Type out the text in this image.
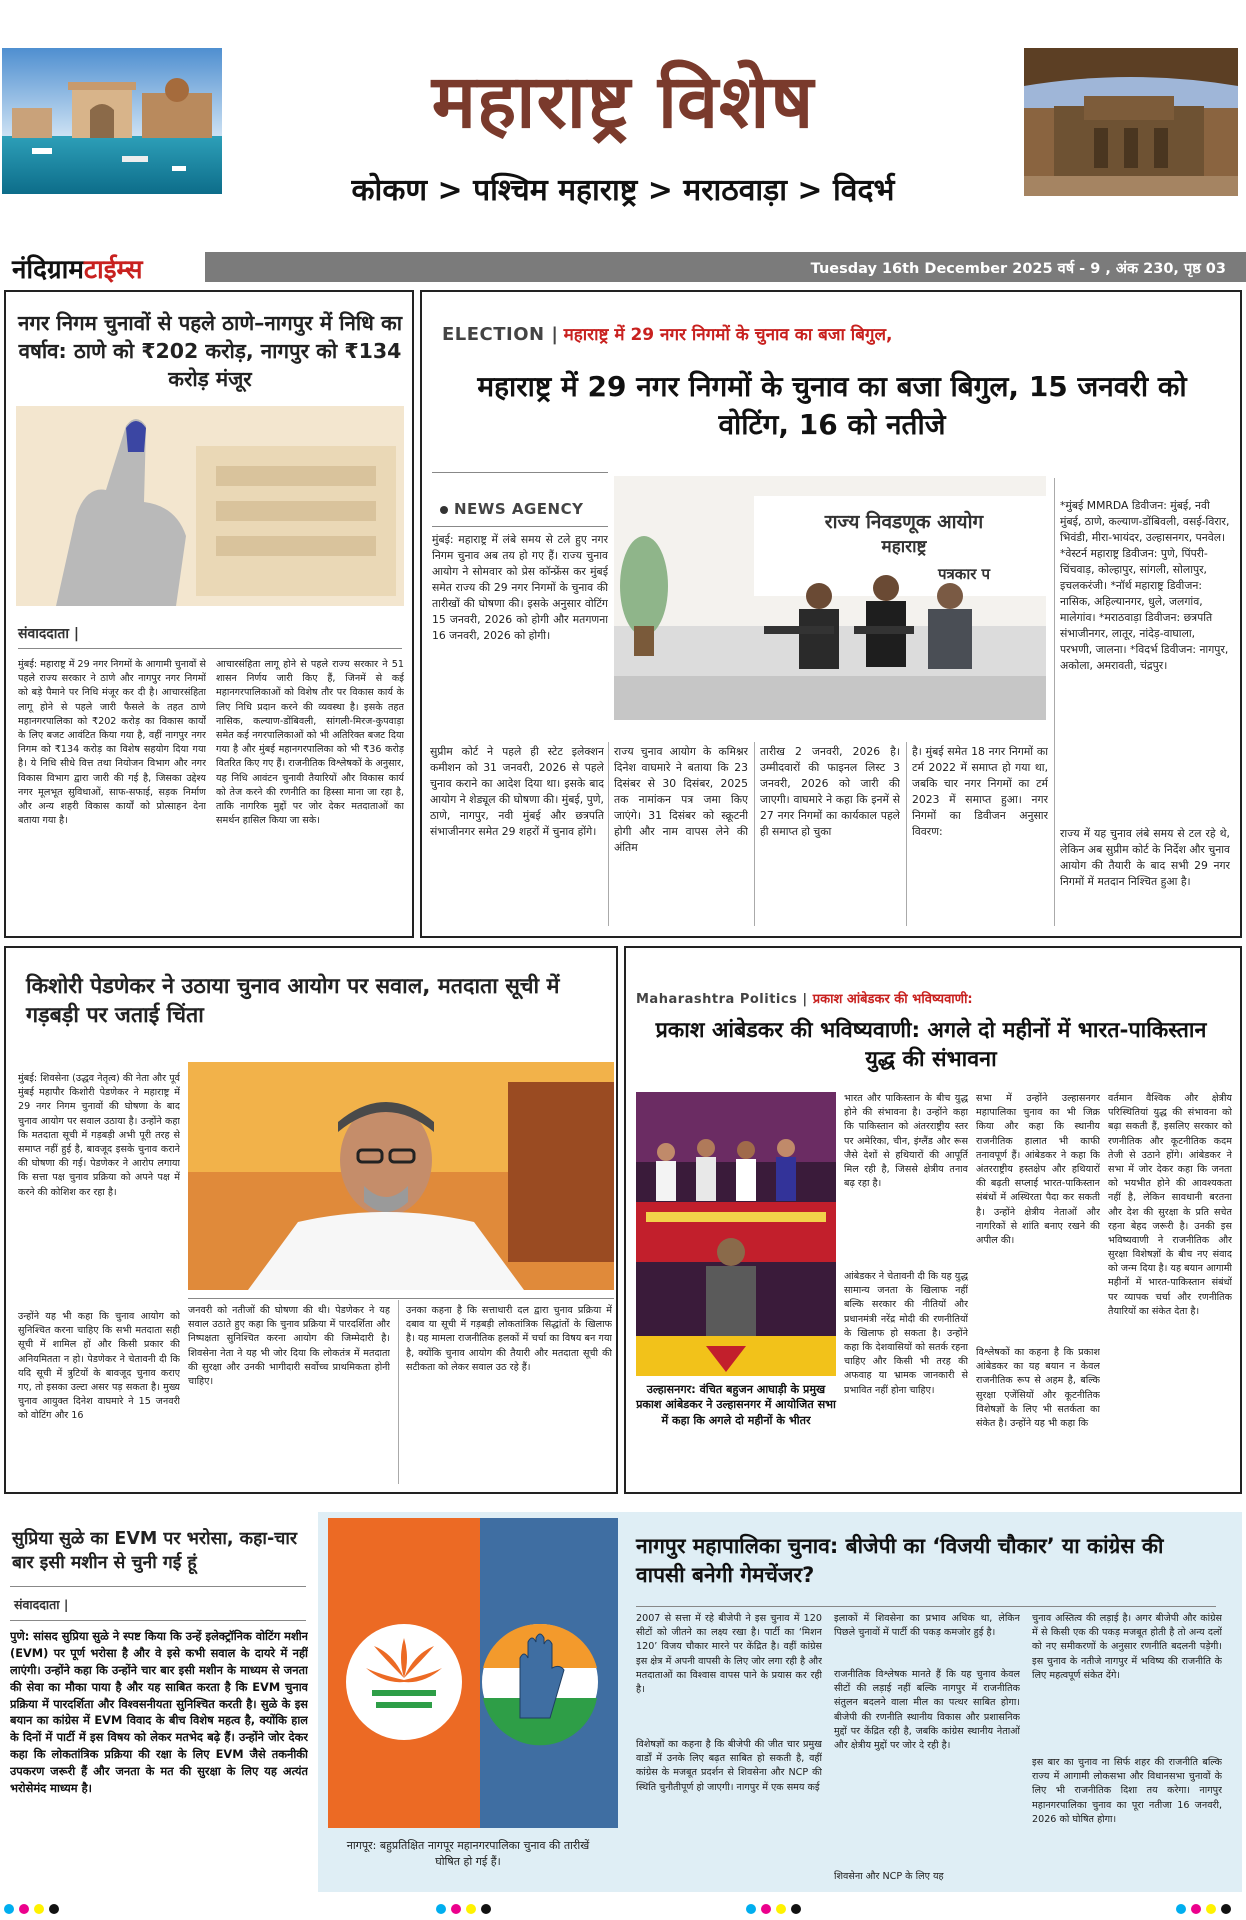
महाराष्ट्र विशेष
कोकण > पश्चिम महाराष्ट्र > मराठवाड़ा > विदर्भ
नंदिग्रामटाईम्स	Tuesday 16th December 2025 वर्ष - 9 , अंक 230, पृष्ठ 03
नगर निगम चुनावों से पहले ठाणे–नागपुर में निधि का वर्षाव: ठाणे को ₹202 करोड़, नागपुर को ₹134 करोड़ मंजूर
संवाददाता |
मुंबई: महाराष्ट्र में 29 नगर निगमों के आगामी चुनावों से पहले राज्य सरकार ने ठाणे और नागपुर नगर निगमों को बड़े पैमाने पर निधि मंजूर कर दी है। आचारसंहिता लागू होने से पहले जारी फैसले के तहत ठाणे महानगरपालिका को ₹202 करोड़ का विकास कार्यों के लिए बजट आवंटित किया गया है, वहीं नागपुर नगर निगम को ₹134 करोड़ का विशेष सहयोग दिया गया है। ये निधि सीधे वित्त तथा नियोजन विभाग और नगर विकास विभाग द्वारा जारी की गई है, जिसका उद्देश्य नगर मूलभूत सुविधाओं, साफ-सफाई, सड़क निर्माण और अन्य शहरी विकास कार्यों को प्रोत्साहन देना बताया गया है।
आचारसंहिता लागू होने से पहले राज्य सरकार ने 51 शासन निर्णय जारी किए हैं, जिनमें से कई महानगरपालिकाओं को विशेष तौर पर विकास कार्य के लिए निधि प्रदान करने की व्यवस्था है। इसके तहत नासिक, कल्याण-डोंबिवली, सांगली-मिरज-कुपवाड़ा समेत कई नगरपालिकाओं को भी अतिरिक्त बजट दिया गया है और मुंबई महानगरपालिका को भी ₹36 करोड़ वितरित किए गए हैं। राजनीतिक विश्लेषकों के अनुसार, यह निधि आवंटन चुनावी तैयारियों और विकास कार्य को तेज करने की रणनीति का हिस्सा माना जा रहा है, ताकि नागरिक मुद्दों पर जोर देकर मतदाताओं का समर्थन हासिल किया जा सके।
ELECTION | महाराष्ट्र में 29 नगर निगमों के चुनाव का बजा बिगुल,
महाराष्ट्र में 29 नगर निगमों के चुनाव का बजा बिगुल, 15 जनवरी को वोटिंग, 16 को नतीजे
NEWS AGENCY
मुंबई: महाराष्ट्र में लंबे समय से टले हुए नगर निगम चुनाव अब तय हो गए हैं। राज्य चुनाव आयोग ने सोमवार को प्रेस कॉन्फ्रेंस कर मुंबई समेत राज्य की 29 नगर निगमों के चुनाव की तारीखों की घोषणा की। इसके अनुसार वोटिंग 15 जनवरी, 2026 को होगी और मतगणना 16 जनवरी, 2026 को होगी।
राज्य निवडणूक आयोग
महाराष्ट्र
पत्रकार प
सुप्रीम कोर्ट ने पहले ही स्टेट इलेक्शन कमीशन को 31 जनवरी, 2026 से पहले चुनाव कराने का आदेश दिया था। इसके बाद आयोग ने शेड्यूल की घोषणा की। मुंबई, पुणे, ठाणे, नागपुर, नवी मुंबई और छत्रपति संभाजीनगर समेत 29 शहरों में चुनाव होंगे।
राज्य चुनाव आयोग के कमिश्नर दिनेश वाघमारे ने बताया कि 23 दिसंबर से 30 दिसंबर, 2025 तक नामांकन पत्र जमा किए जाएंगे। 31 दिसंबर को स्क्रूटनी होगी और नाम वापस लेने की अंतिम
तारीख 2 जनवरी, 2026 है। उम्मीदवारों की फाइनल लिस्ट 3 जनवरी, 2026 को जारी की जाएगी। वाघमारे ने कहा कि इनमें से 27 नगर निगमों का कार्यकाल पहले ही समाप्त हो चुका
है। मुंबई समेत 18 नगर निगमों का टर्म 2022 में समाप्त हो गया था, जबकि चार नगर निगमों का टर्म 2023 में समाप्त हुआ। नगर निगमों का डिवीजन अनुसार विवरण:
*मुंबई MMRDA डिवीजन: मुंबई, नवी मुंबई, ठाणे, कल्याण-डोंबिवली, वसई-विरार, भिवंडी, मीरा-भायंदर, उल्हासनगर, पनवेल। *वेस्टर्न महाराष्ट्र डिवीजन: पुणे, पिंपरी-चिंचवाड़, कोल्हापुर, सांगली, सोलापुर, इचलकरंजी। *नॉर्थ महाराष्ट्र डिवीजन: नासिक, अहिल्यानगर, धुले, जलगांव, मालेगांव। *मराठवाड़ा डिवीजन: छत्रपति संभाजीनगर, लातूर, नांदेड़-वाघाला, परभणी, जालना। *विदर्भ डिवीजन: नागपुर, अकोला, अमरावती, चंद्रपुर।
राज्य में यह चुनाव लंबे समय से टल रहे थे, लेकिन अब सुप्रीम कोर्ट के निर्देश और चुनाव आयोग की तैयारी के बाद सभी 29 नगर निगमों में मतदान निश्चित हुआ है।
किशोरी पेडणेकर ने उठाया चुनाव आयोग पर सवाल, मतदाता सूची में गड़बड़ी पर जताई चिंता
मुंबई: शिवसेना (उद्धव नेतृत्व) की नेता और पूर्व मुंबई महापौर किशोरी पेडणेकर ने महाराष्ट्र में 29 नगर निगम चुनावों की घोषणा के बाद चुनाव आयोग पर सवाल उठाया है। उन्होंने कहा कि मतदाता सूची में गड़बड़ी अभी पूरी तरह से समाप्त नहीं हुई है, बावजूद इसके चुनाव कराने की घोषणा की गई। पेडणेकर ने आरोप लगाया कि सत्ता पक्ष चुनाव प्रक्रिया को अपने पक्ष में करने की कोशिश कर रहा है।
उन्होंने यह भी कहा कि चुनाव आयोग को सुनिश्चित करना चाहिए कि सभी मतदाता सही सूची में शामिल हों और किसी प्रकार की अनियमितता न हो। पेडणेकर ने चेतावनी दी कि यदि सूची में त्रुटियों के बावजूद चुनाव कराए गए, तो इसका उल्टा असर पड़ सकता है। मुख्य चुनाव आयुक्त दिनेश वाघमारे ने 15 जनवरी को वोटिंग और 16
जनवरी को नतीजों की घोषणा की थी। पेडणेकर ने यह सवाल उठाते हुए कहा कि चुनाव प्रक्रिया में पारदर्शिता और निष्पक्षता सुनिश्चित करना आयोग की जिम्मेदारी है। शिवसेना नेता ने यह भी जोर दिया कि लोकतंत्र में मतदाता की सुरक्षा और उनकी भागीदारी सर्वोच्च प्राथमिकता होनी चाहिए।
उनका कहना है कि सत्ताधारी दल द्वारा चुनाव प्रक्रिया में दबाव या सूची में गड़बड़ी लोकतांत्रिक सिद्धांतों के खिलाफ है। यह मामला राजनीतिक हलकों में चर्चा का विषय बन गया है, क्योंकि चुनाव आयोग की तैयारी और मतदाता सूची की सटीकता को लेकर सवाल उठ रहे हैं।
Maharashtra Politics | प्रकाश आंबेडकर की भविष्यवाणी:
प्रकाश आंबेडकर की भविष्यवाणी: अगले दो महीनों में भारत-पाकिस्तान युद्ध की संभावना
उल्हासनगर: वंचित बहुजन आघाड़ी के प्रमुख प्रकाश आंबेडकर ने उल्हासनगर में आयोजित सभा में कहा कि अगले दो महीनों के भीतर
भारत और पाकिस्तान के बीच युद्ध होने की संभावना है। उन्होंने कहा कि पाकिस्तान को अंतरराष्ट्रीय स्तर पर अमेरिका, चीन, इंग्लैंड और रूस जैसे देशों से हथियारों की आपूर्ति मिल रही है, जिससे क्षेत्रीय तनाव बढ़ रहा है।
आंबेडकर ने चेतावनी दी कि यह युद्ध सामान्य जनता के खिलाफ नहीं बल्कि सरकार की नीतियों और प्रधानमंत्री नरेंद्र मोदी की रणनीतियों के खिलाफ हो सकता है। उन्होंने कहा कि देशवासियों को सतर्क रहना चाहिए और किसी भी तरह की अफवाह या भ्रामक जानकारी से प्रभावित नहीं होना चाहिए।
सभा में उन्होंने उल्हासनगर महापालिका चुनाव का भी जिक्र किया और कहा कि स्थानीय राजनीतिक हालात भी काफी तनावपूर्ण हैं। आंबेडकर ने कहा कि अंतरराष्ट्रीय हस्तक्षेप और हथियारों की बढ़ती सप्लाई भारत-पाकिस्तान संबंधों में अस्थिरता पैदा कर सकती है। उन्होंने क्षेत्रीय नेताओं और नागरिकों से शांति बनाए रखने की अपील की।
विश्लेषकों का कहना है कि प्रकाश आंबेडकर का यह बयान न केवल राजनीतिक रूप से अहम है, बल्कि सुरक्षा एजेंसियों और कूटनीतिक विशेषज्ञों के लिए भी सतर्कता का संकेत है। उन्होंने यह भी कहा कि
वर्तमान वैश्विक और क्षेत्रीय परिस्थितियां युद्ध की संभावना को बढ़ा सकती हैं, इसलिए सरकार को रणनीतिक और कूटनीतिक कदम तेजी से उठाने होंगे। आंबेडकर ने सभा में जोर देकर कहा कि जनता को भयभीत होने की आवश्यकता नहीं है, लेकिन सावधानी बरतना और देश की सुरक्षा के प्रति सचेत रहना बेहद जरूरी है। उनकी इस भविष्यवाणी ने राजनीतिक और सुरक्षा विशेषज्ञों के बीच नए संवाद को जन्म दिया है। यह बयान आगामी महीनों में भारत-पाकिस्तान संबंधों पर व्यापक चर्चा और रणनीतिक तैयारियों का संकेत देता है।
सुप्रिया सुळे का EVM पर भरोसा, कहा-चार बार इसी मशीन से चुनी गई हूं
संवाददाता |
पुणे: सांसद सुप्रिया सुळे ने स्पष्ट किया कि उन्हें इलेक्ट्रॉनिक वोटिंग मशीन (EVM) पर पूर्ण भरोसा है और वे इसे कभी सवाल के दायरे में नहीं लाएंगी। उन्होंने कहा कि उन्होंने चार बार इसी मशीन के माध्यम से जनता की सेवा का मौका पाया है और यह साबित करता है कि EVM चुनाव प्रक्रिया में पारदर्शिता और विश्वसनीयता सुनिश्चित करती है। सुळे के इस बयान का कांग्रेस में EVM विवाद के बीच विशेष महत्व है, क्योंकि हाल के दिनों में पार्टी में इस विषय को लेकर मतभेद बढ़े हैं। उन्होंने जोर देकर कहा कि लोकतांत्रिक प्रक्रिया की रक्षा के लिए EVM जैसे तकनीकी उपकरण जरूरी हैं और जनता के मत की सुरक्षा के लिए यह अत्यंत भरोसेमंद माध्यम है।
नागपूर: बहुप्रतिक्षित नागपूर महानगरपालिका चुनाव की तारीखें घोषित हो गई हैं।
नागपुर महापालिका चुनाव: बीजेपी का ‘विजयी चौकार’ या कांग्रेस की वापसी बनेगी गेमचेंजर?
2007 से सत्ता में रहे बीजेपी ने इस चुनाव में 120 सीटों को जीतने का लक्ष्य रखा है। पार्टी का ‘मिशन 120’ विजय चौकार मारने पर केंद्रित है। वहीं कांग्रेस इस क्षेत्र में अपनी वापसी के लिए जोर लगा रही है और मतदाताओं का विश्वास वापस पाने के प्रयास कर रही है।
विशेषज्ञों का कहना है कि बीजेपी की जीत चार प्रमुख वार्डों में उनके लिए बढ़त साबित हो सकती है, वहीं कांग्रेस के मजबूत प्रदर्शन से शिवसेना और NCP की स्थिति चुनौतीपूर्ण हो जाएगी। नागपुर में एक समय कई
इलाकों में शिवसेना का प्रभाव अधिक था, लेकिन पिछले चुनावों में पार्टी की पकड़ कमजोर हुई है।
राजनीतिक विश्लेषक मानते हैं कि यह चुनाव केवल सीटों की लड़ाई नहीं बल्कि नागपुर में राजनीतिक संतुलन बदलने वाला मील का पत्थर साबित होगा। बीजेपी की रणनीति स्थानीय विकास और प्रशासनिक मुद्दों पर केंद्रित रही है, जबकि कांग्रेस स्थानीय नेताओं और क्षेत्रीय मुद्दों पर जोर दे रही है।
शिवसेना और NCP के लिए यह
चुनाव अस्तित्व की लड़ाई है। अगर बीजेपी और कांग्रेस में से किसी एक की पकड़ मजबूत होती है तो अन्य दलों को नए समीकरणों के अनुसार रणनीति बदलनी पड़ेगी। इस चुनाव के नतीजे नागपुर में भविष्य की राजनीति के लिए महत्वपूर्ण संकेत देंगे।
इस बार का चुनाव ना सिर्फ शहर की राजनीति बल्कि राज्य में आगामी लोकसभा और विधानसभा चुनावों के लिए भी राजनीतिक दिशा तय करेगा। नागपुर महानगरपालिका चुनाव का पूरा नतीजा 16 जनवरी, 2026 को घोषित होगा।
